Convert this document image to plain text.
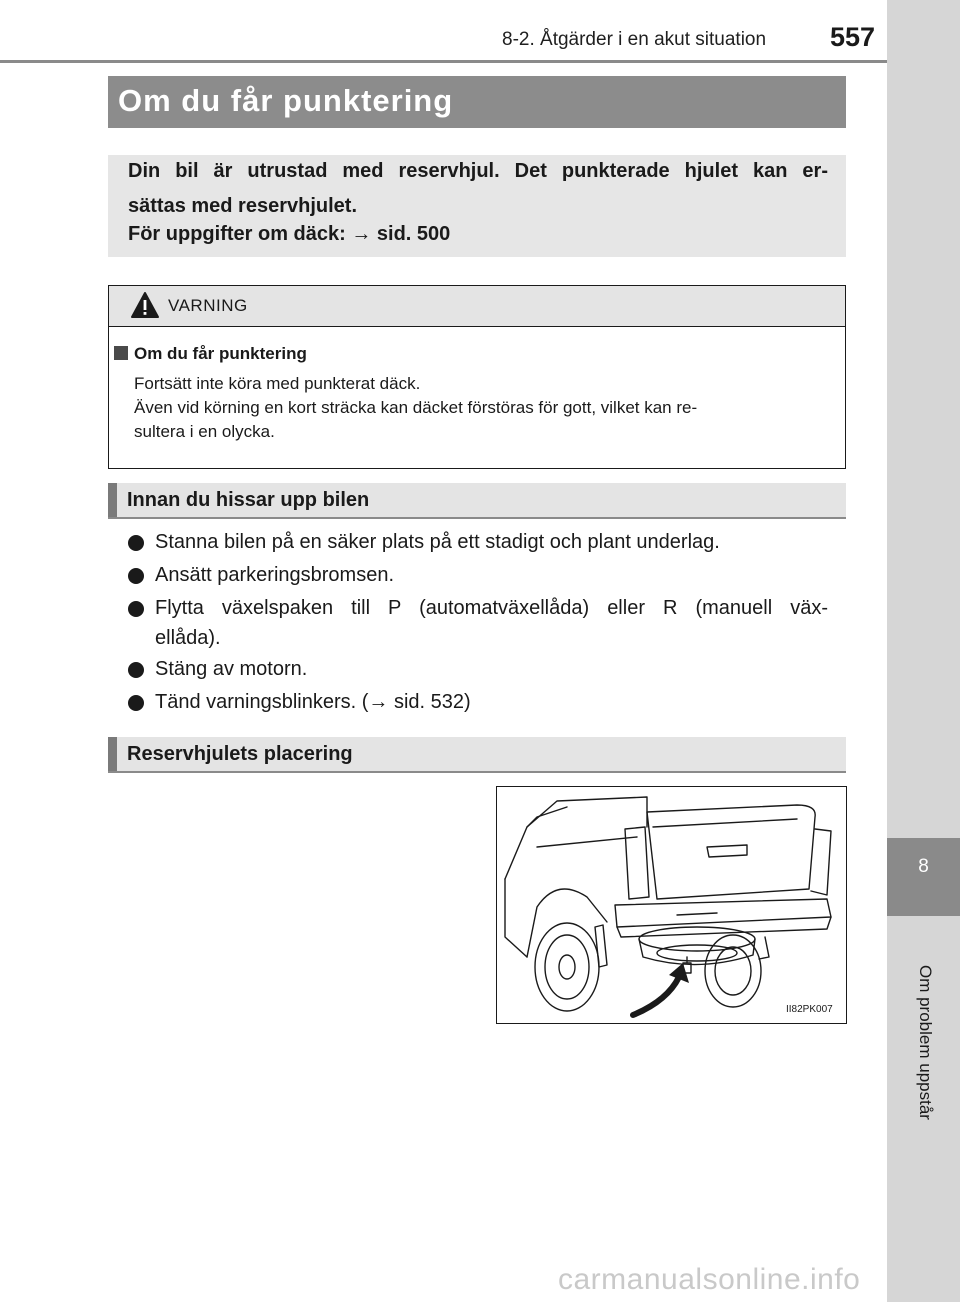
8-2. Åtgärder i en akut situation 557
8
Om problem uppstår
Om du får punktering
Din bil är utrustad med reservhjul. Det punkterade hjulet kan er-
sättas med reservhjulet.
För uppgifter om däck: → sid. 500
VARNING
Om du får punktering
Fortsätt inte köra med punkterat däck.
Även vid körning en kort sträcka kan däcket förstöras för gott, vilket kan re-
sultera i en olycka.
Innan du hissar upp bilen
Stanna bilen på en säker plats på ett stadigt och plant underlag.
Ansätt parkeringsbromsen.
Flytta växelspaken till P (automatväxellåda) eller R (manuell väx-
ellåda).
Stäng av motorn.
Tänd varningsblinkers. (→ sid. 532)
Reservhjulets placering
II82PK007
carmanualsonline.info
